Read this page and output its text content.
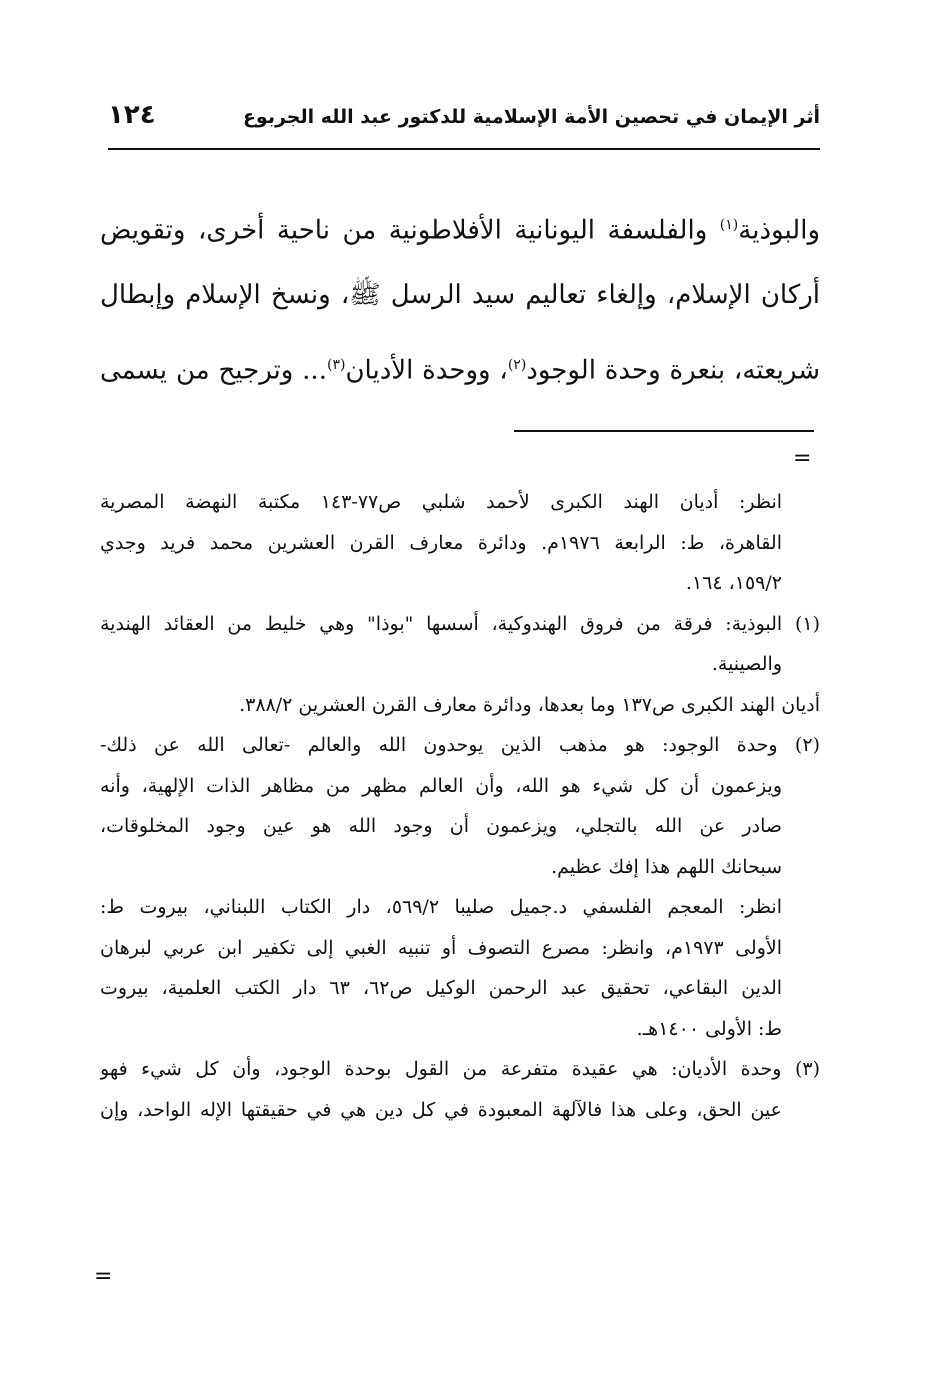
أثر الإيمان في تحصين الأمة الإسلامية للدكتور عبد الله الجربوع
١٢٤
والبوذية$^{(١)}$ والفلسفة اليونانية الأفلاطونية من ناحية أخرى، وتقويض
أركان الإسلام، وإلغاء تعاليم سيد الرسل ﷺ، ونسخ الإسلام وإبطال
شريعته، بنعرة وحدة الوجود$^{(٢)}$، ووحدة الأديان$^{(٣)}$... وترجيح من يسمى
=
انظر: أديان الهند الكبرى لأحمد شلبي ص٧٧-١٤٣ مكتبة النهضة المصرية
القاهرة، ط: الرابعة ١٩٧٦م. ودائرة معارف القرن العشرين محمد فريد وجدي
١٥٩/٢، ١٦٤.
(١) البوذية: فرقة من فروق الهندوكية، أسسها "بوذا" وهي خليط من العقائد الهندية
والصينية.
أديان الهند الكبرى ص١٣٧ وما بعدها، ودائرة معارف القرن العشرين ٣٨٨/٢.
(٢) وحدة الوجود: هو مذهب الذين يوحدون الله والعالم -تعالى الله عن ذلك-
ويزعمون أن كل شيء هو الله، وأن العالم مظهر من مظاهر الذات الإلهية، وأنه
صادر عن الله بالتجلي، ويزعمون أن وجود الله هو عين وجود المخلوقات،
سبحانك اللهم هذا إفك عظيم.
انظر: المعجم الفلسفي د.جميل صليبا ٥٦٩/٢، دار الكتاب اللبناني، بيروت ط:
الأولى ١٩٧٣م، وانظر: مصرع التصوف أو تنبيه الغبي إلى تكفير ابن عربي لبرهان
الدين البقاعي، تحقيق عبد الرحمن الوكيل ص٦٢، ٦٣ دار الكتب العلمية، بيروت
ط: الأولى ١٤٠٠هـ.
(٣) وحدة الأديان: هي عقيدة متفرعة من القول بوحدة الوجود، وأن كل شيء فهو
عين الحق، وعلى هذا فالآلهة المعبودة في كل دين هي في حقيقتها الإله الواحد، وإن
=
